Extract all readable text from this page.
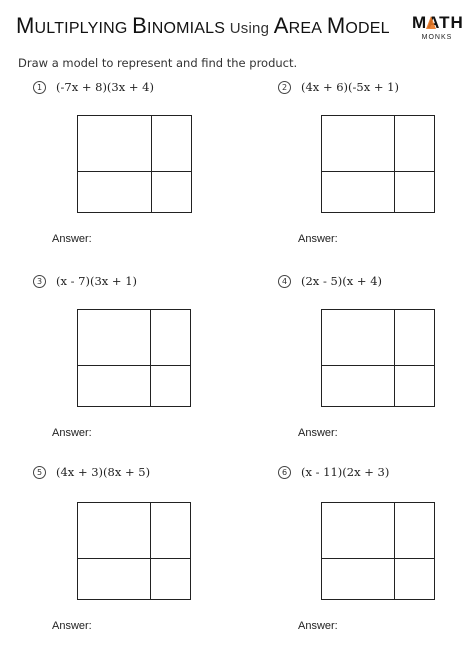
MULTIPLYING BINOMIALS Using AREA MODEL MATH
MONKS
Draw a model to represent and find the product.
1	(-7x + 8)(3x + 4)
Answer:
2	(4x + 6)(-5x + 1)
Answer:
3	(x - 7)(3x + 1)
Answer:
4	(2x - 5)(x + 4)
Answer:
5	(4x + 3)(8x + 5)
Answer:
6	(x - 11)(2x + 3)
Answer:
